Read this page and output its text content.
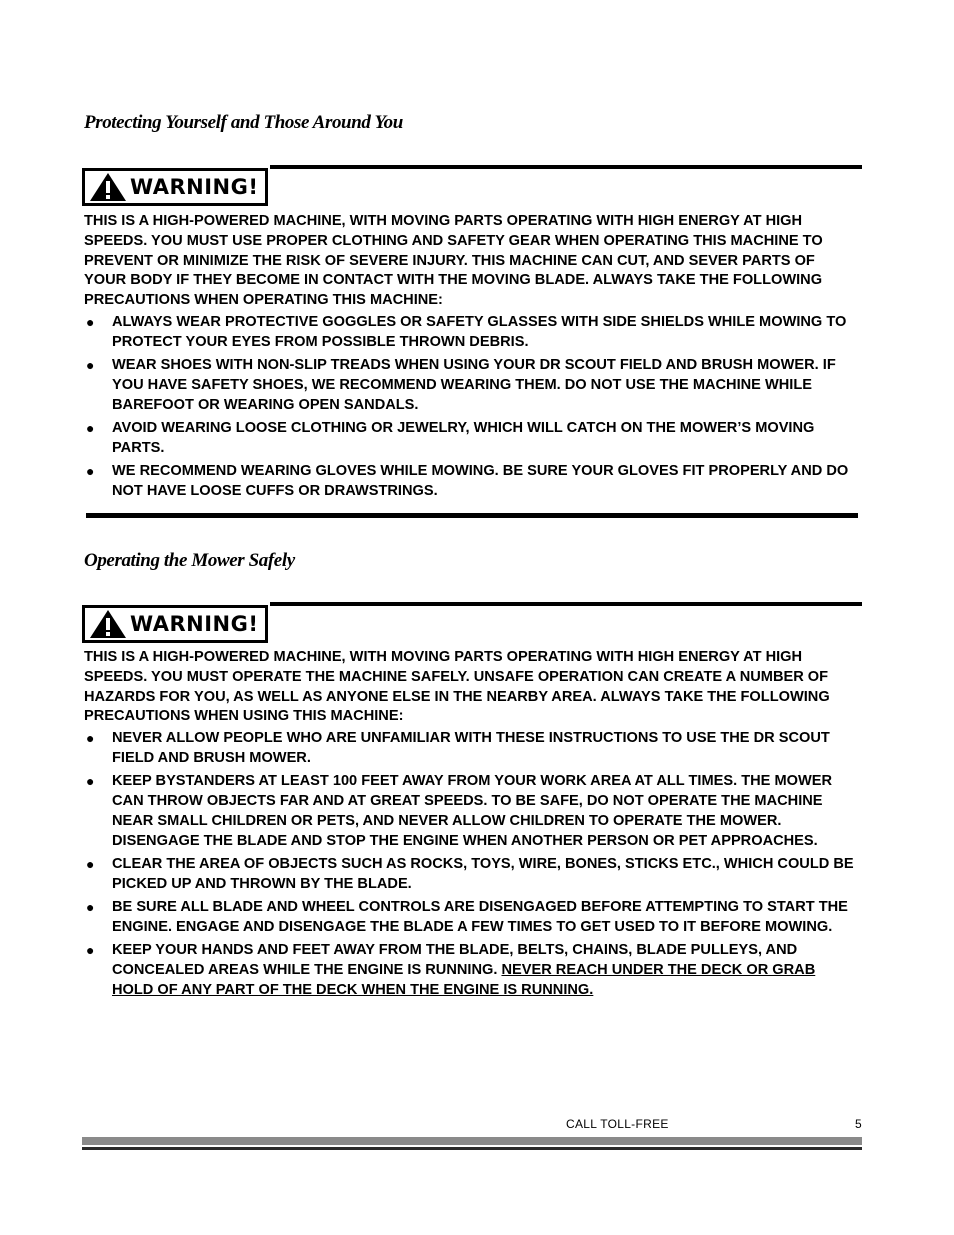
Protecting Yourself and Those Around You
WARNING!

THIS IS A HIGH-POWERED MACHINE, WITH MOVING PARTS OPERATING WITH HIGH ENERGY AT HIGH SPEEDS. YOU MUST USE PROPER CLOTHING AND SAFETY GEAR WHEN OPERATING THIS MACHINE TO PREVENT OR MINIMIZE THE RISK OF SEVERE INJURY. THIS MACHINE CAN CUT, AND SEVER PARTS OF YOUR BODY IF THEY BECOME IN CONTACT WITH THE MOVING BLADE. ALWAYS TAKE THE FOLLOWING PRECAUTIONS WHEN OPERATING THIS MACHINE:

● ALWAYS WEAR PROTECTIVE GOGGLES OR SAFETY GLASSES WITH SIDE SHIELDS WHILE MOWING TO PROTECT YOUR EYES FROM POSSIBLE THROWN DEBRIS.
● WEAR SHOES WITH NON-SLIP TREADS WHEN USING YOUR DR SCOUT FIELD AND BRUSH MOWER. IF YOU HAVE SAFETY SHOES, WE RECOMMEND WEARING THEM. DO NOT USE THE MACHINE WHILE BAREFOOT OR WEARING OPEN SANDALS.
● AVOID WEARING LOOSE CLOTHING OR JEWELRY, WHICH WILL CATCH ON THE MOWER’S MOVING PARTS.
● WE RECOMMEND WEARING GLOVES WHILE MOWING. BE SURE YOUR GLOVES FIT PROPERLY AND DO NOT HAVE LOOSE CUFFS OR DRAWSTRINGS.
Operating the Mower Safely
WARNING!

THIS IS A HIGH-POWERED MACHINE, WITH MOVING PARTS OPERATING WITH HIGH ENERGY AT HIGH SPEEDS. YOU MUST OPERATE THE MACHINE SAFELY. UNSAFE OPERATION CAN CREATE A NUMBER OF HAZARDS FOR YOU, AS WELL AS ANYONE ELSE IN THE NEARBY AREA. ALWAYS TAKE THE FOLLOWING PRECAUTIONS WHEN USING THIS MACHINE:

● NEVER ALLOW PEOPLE WHO ARE UNFAMILIAR WITH THESE INSTRUCTIONS TO USE THE DR SCOUT FIELD AND BRUSH MOWER.
● KEEP BYSTANDERS AT LEAST 100 FEET AWAY FROM YOUR WORK AREA AT ALL TIMES. THE MOWER CAN THROW OBJECTS FAR AND AT GREAT SPEEDS. TO BE SAFE, DO NOT OPERATE THE MACHINE NEAR SMALL CHILDREN OR PETS, AND NEVER ALLOW CHILDREN TO OPERATE THE MOWER. DISENGAGE THE BLADE AND STOP THE ENGINE WHEN ANOTHER PERSON OR PET APPROACHES.
● CLEAR THE AREA OF OBJECTS SUCH AS ROCKS, TOYS, WIRE, BONES, STICKS ETC., WHICH COULD BE PICKED UP AND THROWN BY THE BLADE.
● BE SURE ALL BLADE AND WHEEL CONTROLS ARE DISENGAGED BEFORE ATTEMPTING TO START THE ENGINE. ENGAGE AND DISENGAGE THE BLADE A FEW TIMES TO GET USED TO IT BEFORE MOWING.
● KEEP YOUR HANDS AND FEET AWAY FROM THE BLADE, BELTS, CHAINS, BLADE PULLEYS, AND CONCEALED AREAS WHILE THE ENGINE IS RUNNING. NEVER REACH UNDER THE DECK OR GRAB HOLD OF ANY PART OF THE DECK WHEN THE ENGINE IS RUNNING.
CALL TOLL-FREE	5
